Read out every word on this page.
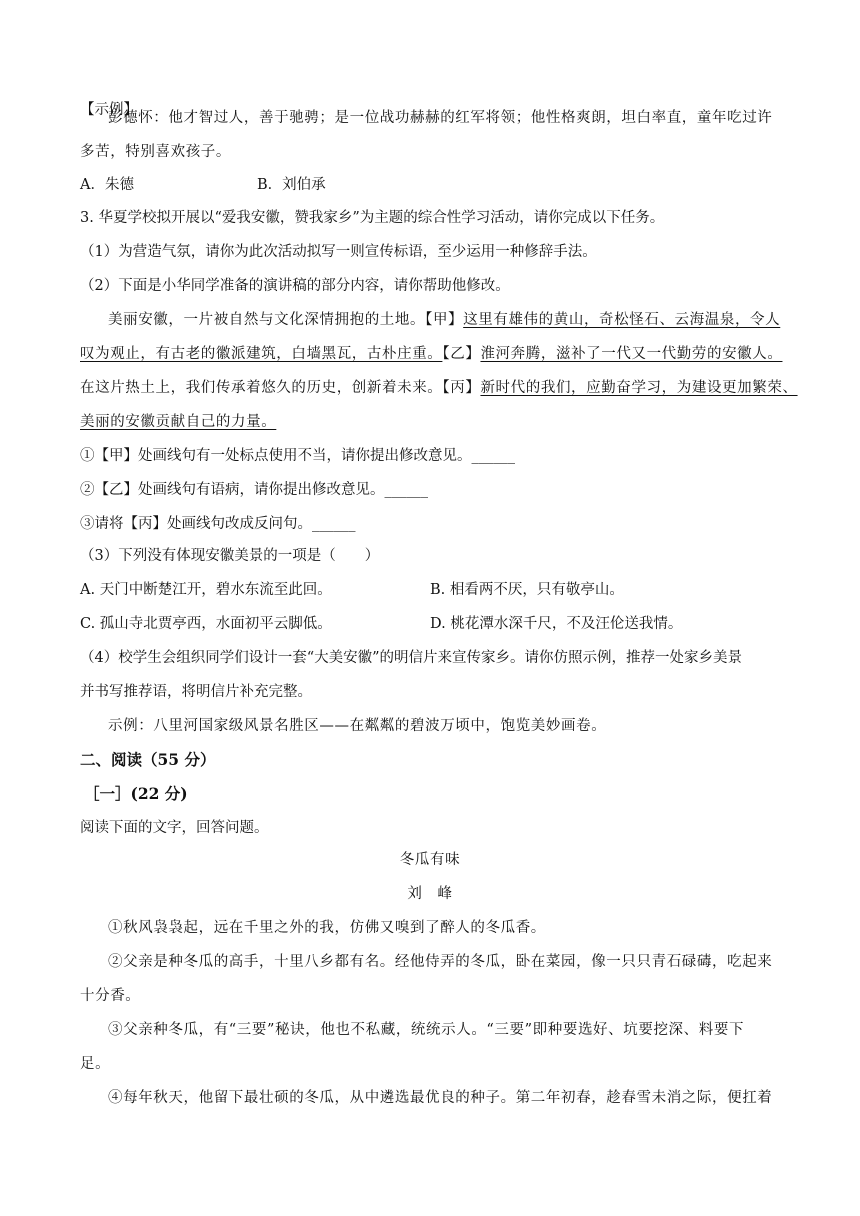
【示例】
彭德怀：他才智过人，善于驰骋；是一位战功赫赫的红军将领；他性格爽朗，坦白率直，童年吃过许
多苦，特别喜欢孩子。
A．朱德	B．刘伯承
3. 华夏学校拟开展以“爱我安徽，赞我家乡”为主题的综合性学习活动，请你完成以下任务。
（1）为营造气氛，请你为此次活动拟写一则宣传标语，至少运用一种修辞手法。
（2）下面是小华同学准备的演讲稿的部分内容，请你帮助他修改。
美丽安徽，一片被自然与文化深情拥抱的土地。【甲】这里有雄伟的黄山，奇松怪石、云海温泉，令人
叹为观止，有古老的徽派建筑，白墙黑瓦，古朴庄重。【乙】淮河奔腾，滋补了一代又一代勤劳的安徽人。
在这片热土上，我们传承着悠久的历史，创新着未来。【丙】新时代的我们，应勤奋学习，为建设更加繁荣、
美丽的安徽贡献自己的力量。
①【甲】处画线句有一处标点使用不当，请你提出修改意见。______
②【乙】处画线句有语病，请你提出修改意见。______
③请将【丙】处画线句改成反问句。______
（3）下列没有体现安徽美景的一项是（　　）
A. 天门中断楚江开，碧水东流至此回。	B. 相看两不厌，只有敬亭山。
C. 孤山寺北贾亭西，水面初平云脚低。	D. 桃花潭水深千尺，不及汪伦送我情。
（4）校学生会组织同学们设计一套“大美安徽”的明信片来宣传家乡。请你仿照示例，推荐一处家乡美景
并书写推荐语，将明信片补充完整。
示例：八里河国家级风景名胜区——在粼粼的碧波万顷中，饱览美妙画卷。
二、阅读（55 分）
［一］(22 分)
阅读下面的文字，回答问题。
冬瓜有味
刘　峰
①秋风袅袅起，远在千里之外的我，仿佛又嗅到了醉人的冬瓜香。
②父亲是种冬瓜的高手，十里八乡都有名。经他侍弄的冬瓜，卧在菜园，像一只只青石碌碡，吃起来
十分香。
③父亲种冬瓜，有“三要”秘诀，他也不私藏，统统示人。“三要”即种要选好、坑要挖深、料要下
足。
④每年秋天，他留下最壮硕的冬瓜，从中遴选最优良的种子。第二年初春，趁春雪未消之际，便扛着
